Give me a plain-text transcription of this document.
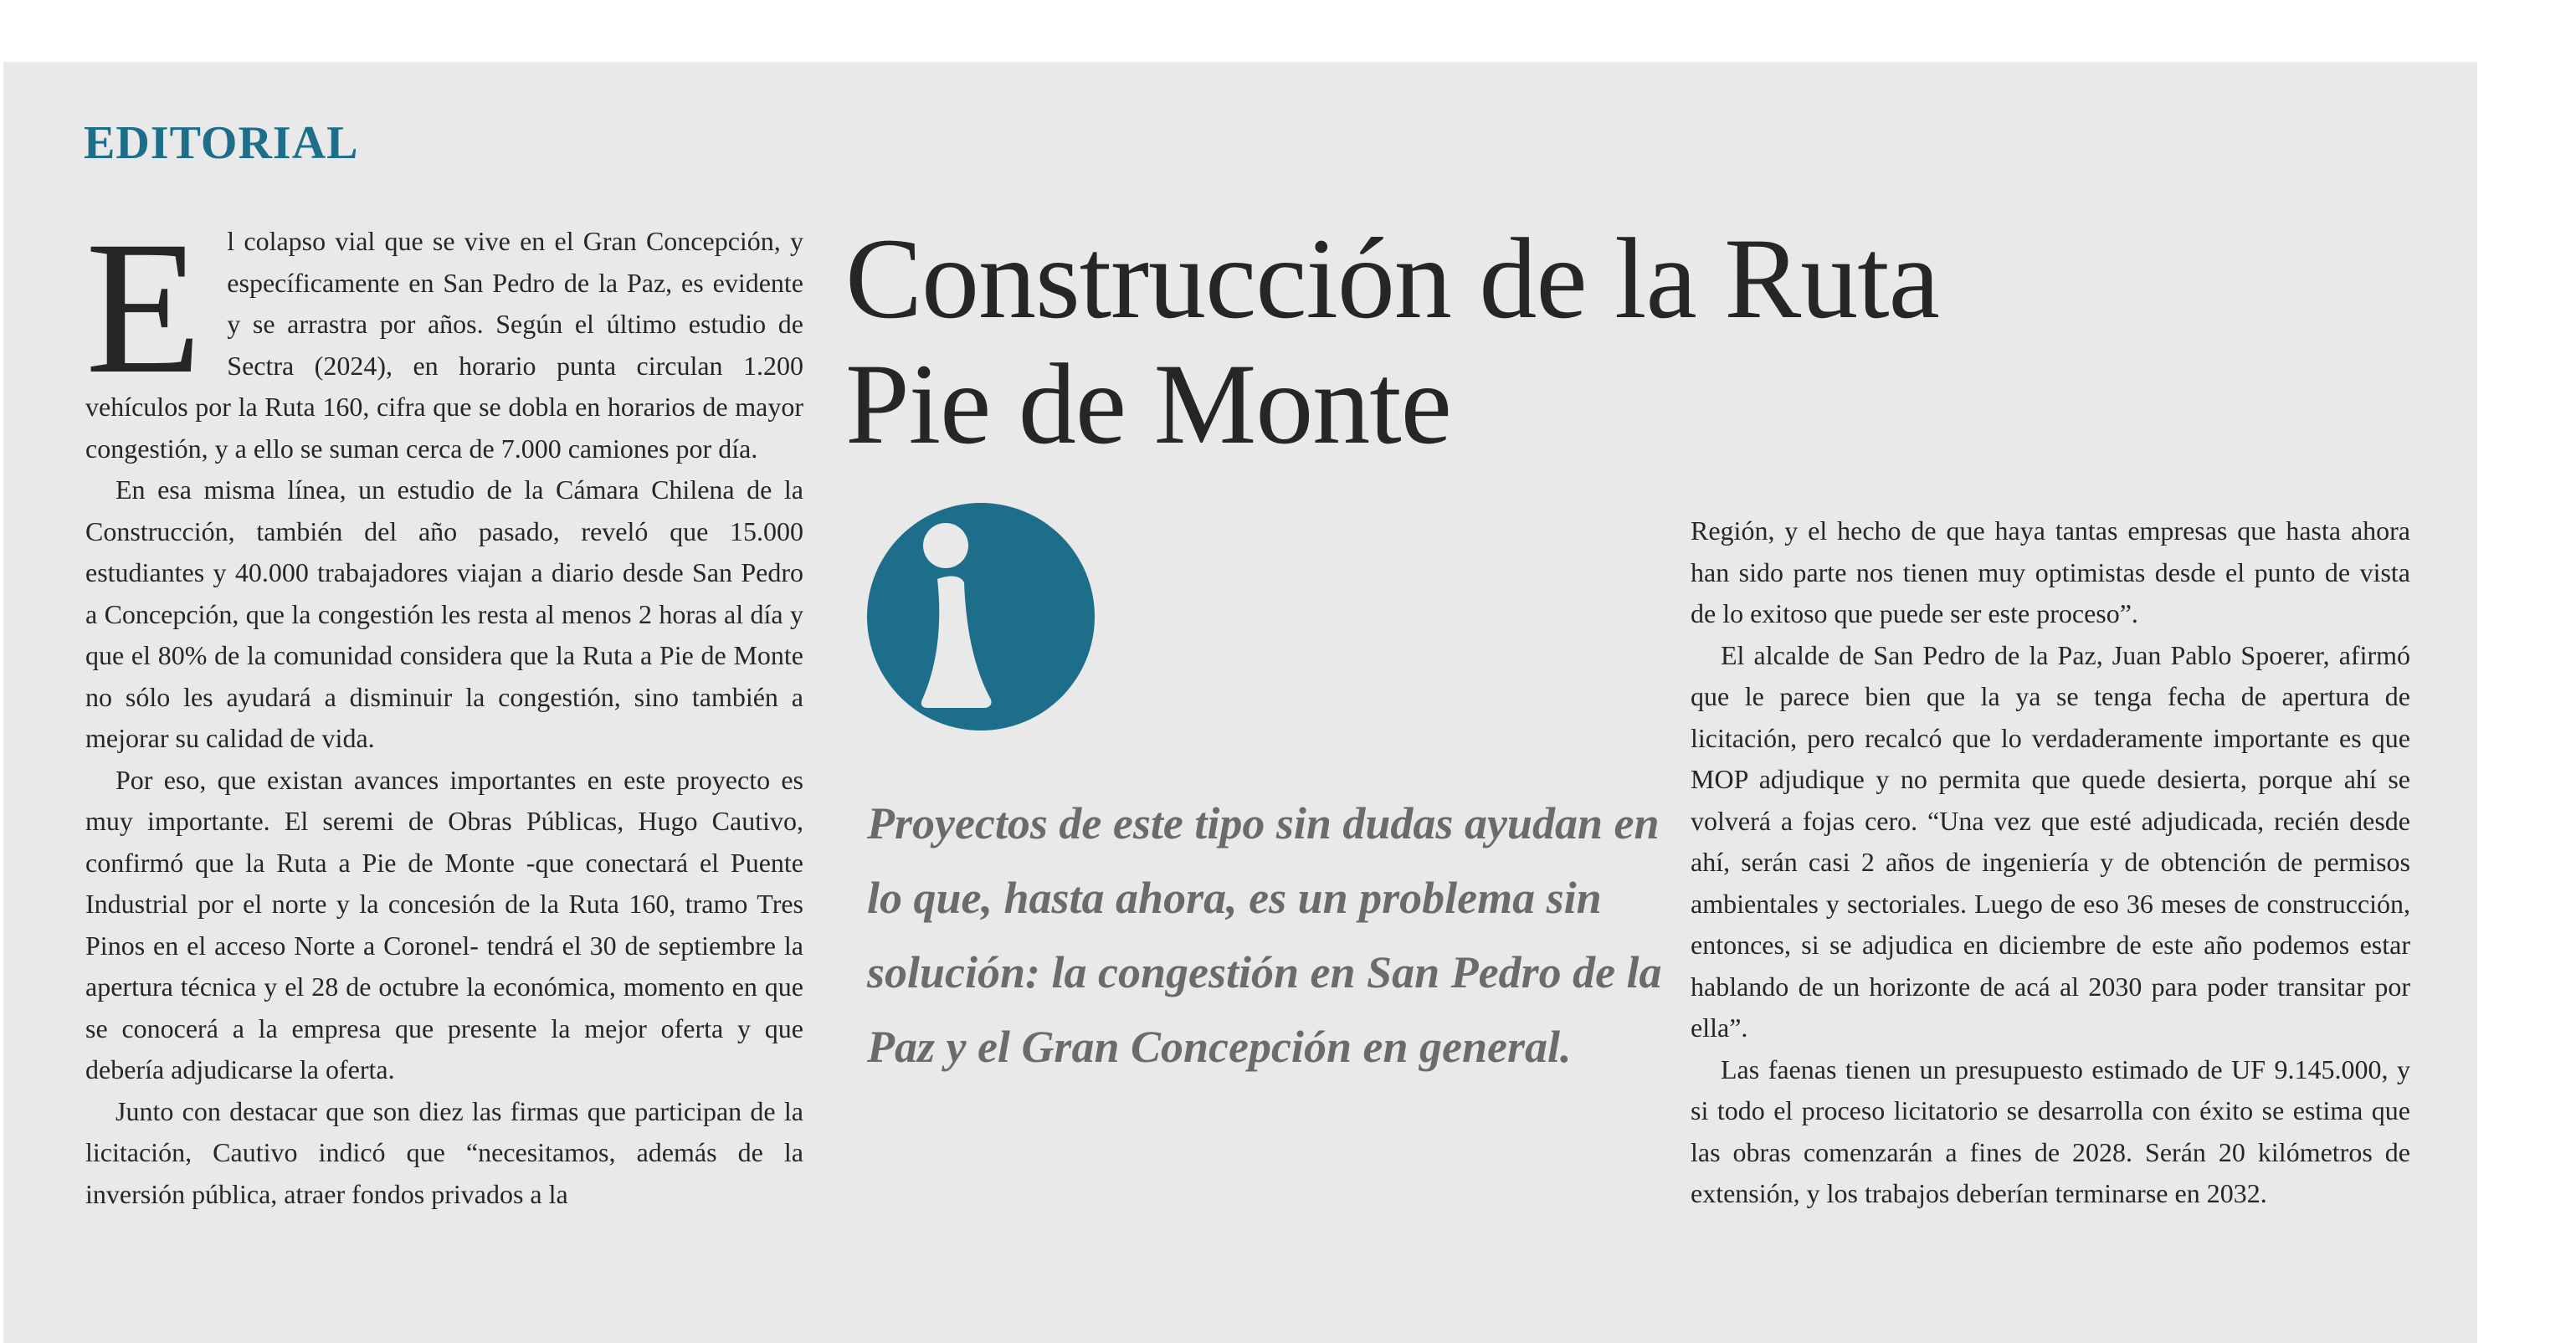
EDITORIAL

El colapso vial que se vive en el Gran Concepción, y específicamente en San Pedro de la Paz, es evidente y se arrastra por años. Según el último estudio de Sectra (2024), en horario punta circulan 1.200 vehículos por la Ruta 160, cifra que se dobla en horarios de mayor congestión, y a ello se suman cerca de 7.000 camiones por día.

En esa misma línea, un estudio de la Cámara Chilena de la Construcción, también del año pasado, reveló que 15.000 estudiantes y 40.000 trabajadores viajan a diario desde San Pedro a Concepción, que la congestión les resta al menos 2 horas al día y que el 80% de la comunidad considera que la Ruta a Pie de Monte no sólo les ayudará a disminuir la congestión, sino también a mejorar su calidad de vida.

Por eso, que existan avances importantes en este proyecto es muy importante. El seremi de Obras Públicas, Hugo Cautivo, confirmó que la Ruta a Pie de Monte -que conectará el Puente Industrial por el norte y la concesión de la Ruta 160, tramo Tres Pinos en el acceso Norte a Coronel- tendrá el 30 de septiembre la apertura técnica y el 28 de octubre la económica, momento en que se conocerá a la empresa que presente la mejor oferta y que debería adjudicarse la oferta.

Junto con destacar que son diez las firmas que participan de la licitación, Cautivo indicó que “necesitamos, además de la inversión pública, atraer fondos privados a la

Construcción de la Ruta Pie de Monte

Proyectos de este tipo sin dudas ayudan en lo que, hasta ahora, es un problema sin solución: la congestión en San Pedro de la Paz y el Gran Concepción en general.

Región, y el hecho de que haya tantas empresas que hasta ahora han sido parte nos tienen muy optimistas desde el punto de vista de lo exitoso que puede ser este proceso”.

El alcalde de San Pedro de la Paz, Juan Pablo Spoerer, afirmó que le parece bien que la ya se tenga fecha de apertura de licitación, pero recalcó que lo verdaderamente importante es que MOP adjudique y no permita que quede desierta, porque ahí se volverá a fojas cero. “Una vez que esté adjudicada, recién desde ahí, serán casi 2 años de ingeniería y de obtención de permisos ambientales y sectoriales. Luego de eso 36 meses de construcción, entonces, si se adjudica en diciembre de este año podemos estar hablando de un horizonte de acá al 2030 para poder transitar por ella”.

Las faenas tienen un presupuesto estimado de UF 9.145.000, y si todo el proceso licitatorio se desarrolla con éxito se estima que las obras comenzarán a fines de 2028. Serán 20 kilómetros de extensión, y los trabajos deberían terminarse en 2032.
